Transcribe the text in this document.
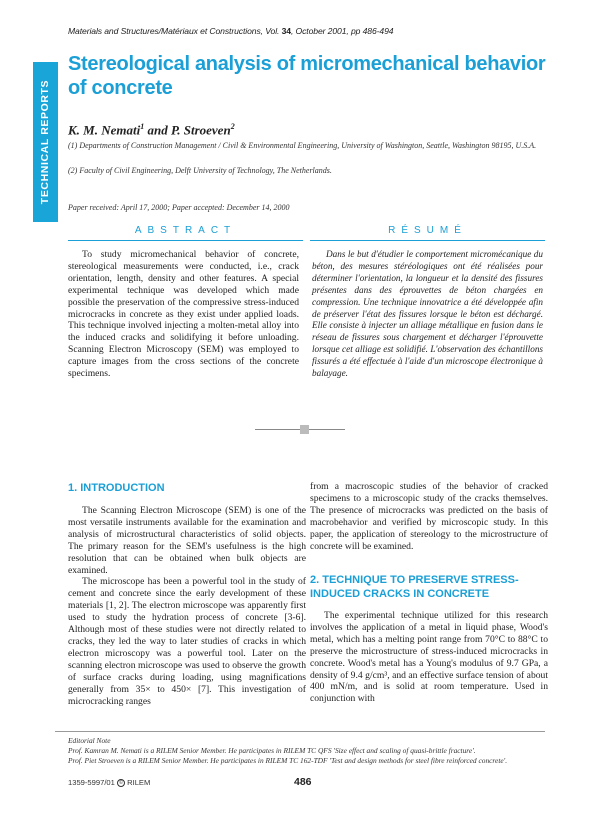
Materials and Structures/Matériaux et Constructions, Vol. 34, October 2001, pp 486-494
TECHNICAL REPORTS
Stereological analysis of micromechanical behavior of concrete
K. M. Nemati$^1$ and P. Stroeven$^2$
(1) Departments of Construction Management / Civil & Environmental Engineering, University of Washington, Seattle, Washington 98195, U.S.A.
(2) Faculty of Civil Engineering, Delft University of Technology, The Netherlands.
Paper received: April 17, 2000; Paper accepted: December 14, 2000
ABSTRACT	RÉSUMÉ

To study micromechanical behavior of concrete, stereological measurements were conducted, i.e., crack orientation, length, density and other features. A special experimental technique was developed which made possible the preservation of the compressive stress-induced microcracks in concrete as they exist under applied loads. This technique involved injecting a molten-metal alloy into the induced cracks and solidifying it before unloading. Scanning Electron Microscopy (SEM) was employed to capture images from the cross sections of the concrete specimens.

Dans le but d'étudier le comportement micromécanique du béton, des mesures stéréologiques ont été réalisées pour déterminer l'orientation, la longueur et la densité des fissures présentes dans des éprouvettes de béton chargées en compression. Une technique innovatrice a été développée afin de préserver l'état des fissures lorsque le béton est déchargé. Elle consiste à injecter un alliage métallique en fusion dans le réseau de fissures sous chargement et décharger l'éprouvette lorsque cet alliage est solidifié. L'observation des échantillons fissurés a été effectuée à l'aide d'un microscope électronique à balayage.

1. INTRODUCTION

The Scanning Electron Microscope (SEM) is one of the most versatile instruments available for the examination and analysis of microstructural characteristics of solid objects. The primary reason for the SEM's usefulness is the high resolution that can be obtained when bulk objects are examined.

The microscope has been a powerful tool in the study of cement and concrete since the early development of these materials [1, 2]. The electron microscope was apparently first used to study the hydration process of concrete [3-6]. Although most of these studies were not directly related to cracks, they led the way to later studies of cracks in which electron microscopy was a powerful tool. Later on the scanning electron microscope was used to observe the growth of surface cracks during loading, using magnifications generally from 35× to 450× [7]. This investigation of microcracking ranges

from a macroscopic studies of the behavior of cracked specimens to a microscopic study of the cracks themselves. The presence of microcracks was predicted on the basis of macrobehavior and verified by microscopic study. In this paper, the application of stereology to the microstructure of concrete will be examined.

2. TECHNIQUE TO PRESERVE STRESS-INDUCED CRACKS IN CONCRETE

The experimental technique utilized for this research involves the application of a metal in liquid phase, Wood's metal, which has a melting point range from 70°C to 88°C to preserve the microstructure of stress-induced microcracks in concrete. Wood's metal has a Young's modulus of 9.7 GPa, a density of 9.4 g/cm³, and an effective surface tension of about 400 mN/m, and is solid at room temperature. Used in conjunction with

Editorial Note
Prof. Kamran M. Nemati is a RILEM Senior Member. He participates in RILEM TC QFS 'Size effect and scaling of quasi-brittle fracture'.
Prof. Piet Stroeven is a RILEM Senior Member. He participates in RILEM TC 162-TDF 'Test and design methods for steel fibre reinforced concrete'.
1359-5997/01 © RILEM	486
